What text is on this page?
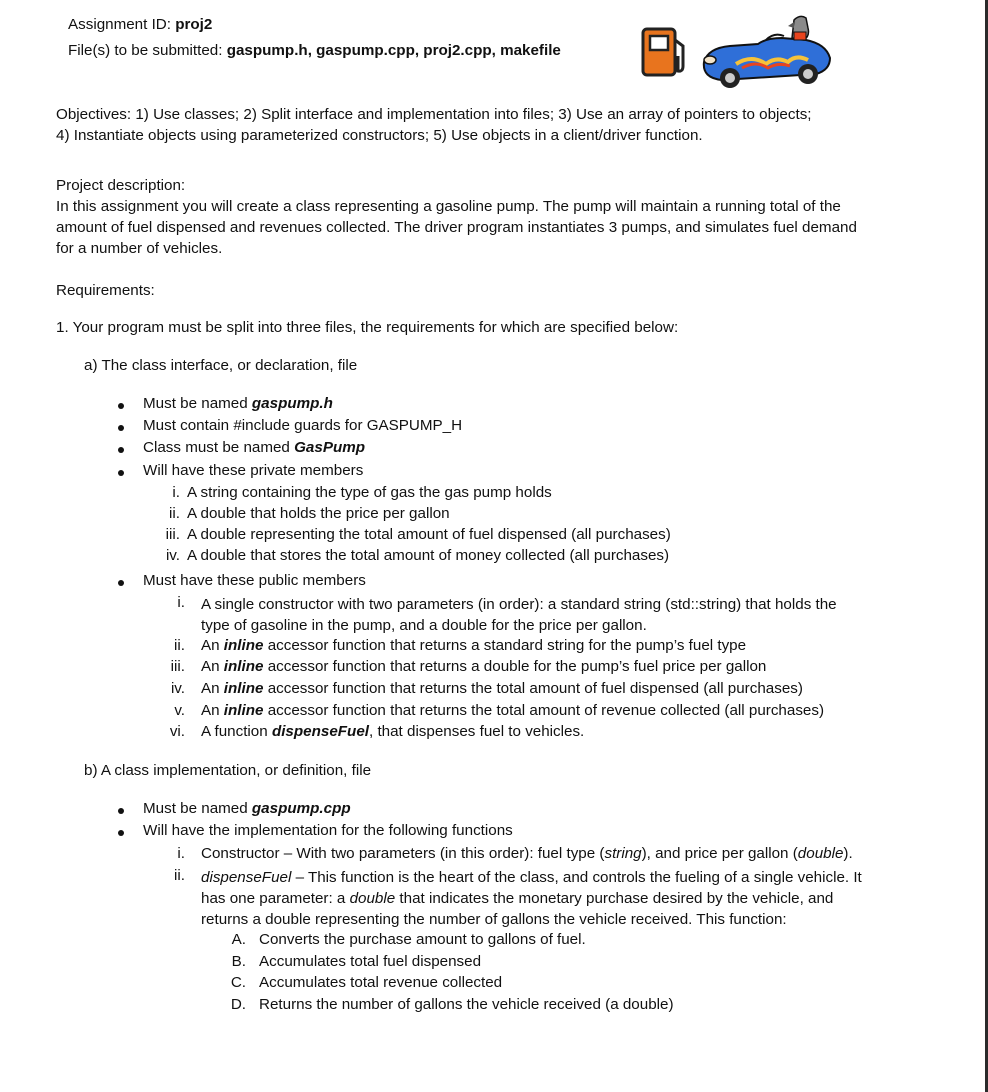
Assignment ID: proj2
File(s) to be submitted: gaspump.h, gaspump.cpp, proj2.cpp, makefile

Objectives: 1) Use classes; 2) Split interface and implementation into files; 3) Use an array of pointers to objects;

4) Instantiate objects using parameterized constructors; 5) Use objects in a client/driver function.

Project description:

In this assignment you will create a class representing a gasoline pump. The pump will maintain a running total of the

amount of fuel dispensed and revenues collected. The driver program instantiates 3 pumps, and simulates fuel demand

for a number of vehicles.

Requirements:
1. Your program must be split into three files, the requirements for which are specified below:
a) The class interface, or declaration, file
Must be named gaspump.h
Must contain #include guards for GASPUMP_H
Class must be named GasPump
Will have these private members
i. A string containing the type of gas the gas pump holds
ii. A double that holds the price per gallon
iii. A double representing the total amount of fuel dispensed (all purchases)
iv. A double that stores the total amount of money collected (all purchases)
Must have these public members
i. A single constructor with two parameters (in order): a standard string (std::string) that holds the

type of gasoline in the pump, and a double for the price per gallon.

ii. An inline accessor function that returns a standard string for the pump’s fuel type
iii. An inline accessor function that returns a double for the pump’s fuel price per gallon
iv. An inline accessor function that returns the total amount of fuel dispensed (all purchases)
v. An inline accessor function that returns the total amount of revenue collected (all purchases)
vi. A function dispenseFuel, that dispenses fuel to vehicles.
b) A class implementation, or definition, file
Must be named gaspump.cpp
Will have the implementation for the following functions
i. Constructor – With two parameters (in this order): fuel type (string), and price per gallon (double).
ii. dispenseFuel – This function is the heart of the class, and controls the fueling of a single vehicle. It

has one parameter: a double that indicates the monetary purchase desired by the vehicle, and

returns a double representing the number of gallons the vehicle received. This function:

A. Converts the purchase amount to gallons of fuel.
B. Accumulates total fuel dispensed
C. Accumulates total revenue collected
D. Returns the number of gallons the vehicle received (a double)
